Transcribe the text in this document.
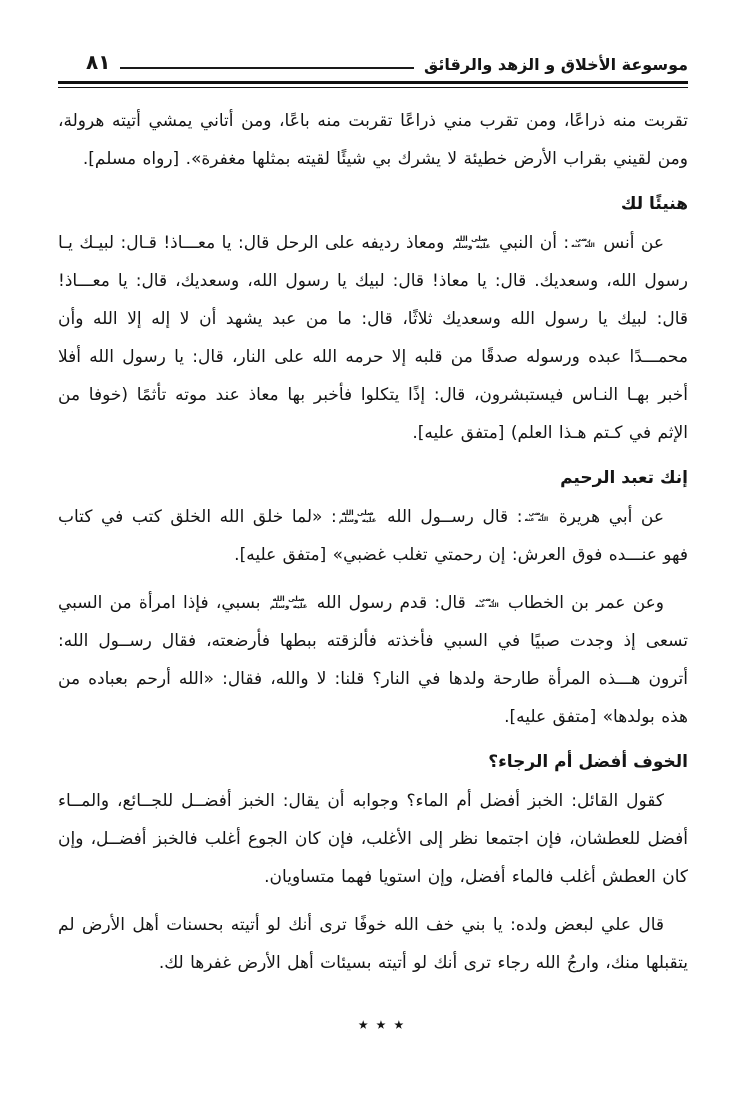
موسوعة الأخلاق و الزهد والرقائق
٨١

تقربت منه ذراعًا، ومن تقرب مني ذراعًا تقربت منه باعًا، ومن أتاني يمشي أتيته هرولة، ومن لقيني بقراب الأرض خطيئة لا يشرك بي شيئًا لقيته بمثلها مغفرة». [رواه مسلم].

هنيئًا لك

عن أنس رضي
الله عنه: أن النبي صلى الله
عليه وسلم ومعاذ رديفه على الرحل قال: يا معـــاذ! قـال: لبيـك يـا رسول الله، وسعديك. قال: يا معاذ! قال: لبيك يا رسول الله، وسعديك، قال: يا معـــاذ! قال: لبيك يا رسول الله وسعديك ثلاثًا، قال: ما من عبد يشهد أن لا إله إلا الله وأن محمـــدًا عبده ورسوله صدقًا من قلبه إلا حرمه الله على النار، قال: يا رسول الله أفلا أخبر بهـا النـاس فيستبشرون، قال: إذًا يتكلوا فأخبر بها معاذ عند موته تأثمًا (خوفا من الإثم في كـتم هـذا العلم) [متفق عليه].

إنك تعبد الرحيم

عن أبي هريرة رضي
الله عنه: قال رســول الله صلى الله
عليه وسلم: «لما خلق الله الخلق كتب في كتاب فهو عنـــده فوق العرش: إن رحمتي تغلب غضبي» [متفق عليه].

وعن عمر بن الخطاب رضي
الله عنه قال: قدم رسول الله صلى الله
عليه وسلم بسبي، فإذا امرأة من السبي تسعى إذ وجدت صبيًا في السبي فأخذته فألزقته ببطها فأرضعته، فقال رســول الله: أترون هـــذه المرأة طارحة ولدها في النار؟ قلنا: لا والله، فقال: «الله أرحم بعباده من هذه بولدها» [متفق عليه].

الخوف أفضل أم الرجاء؟

كقول القائل: الخبز أفضل أم الماء؟ وجوابه أن يقال: الخبز أفضــل للجــائع، والمــاء أفضل للعطشان، فإن اجتمعا نظر إلى الأغلب، فإن كان الجوع أغلب فالخبز أفضــل، وإن كان العطش أغلب فالماء أفضل، وإن استويا فهما متساويان.

قال علي لبعض ولده: يا بني خف الله خوفًا ترى أنك لو أتيته بحسنات أهل الأرض لم يتقبلها منك، وارجُ الله رجاء ترى أنك لو أتيته بسيئات أهل الأرض غفرها لك.

٭ ٭ ٭
